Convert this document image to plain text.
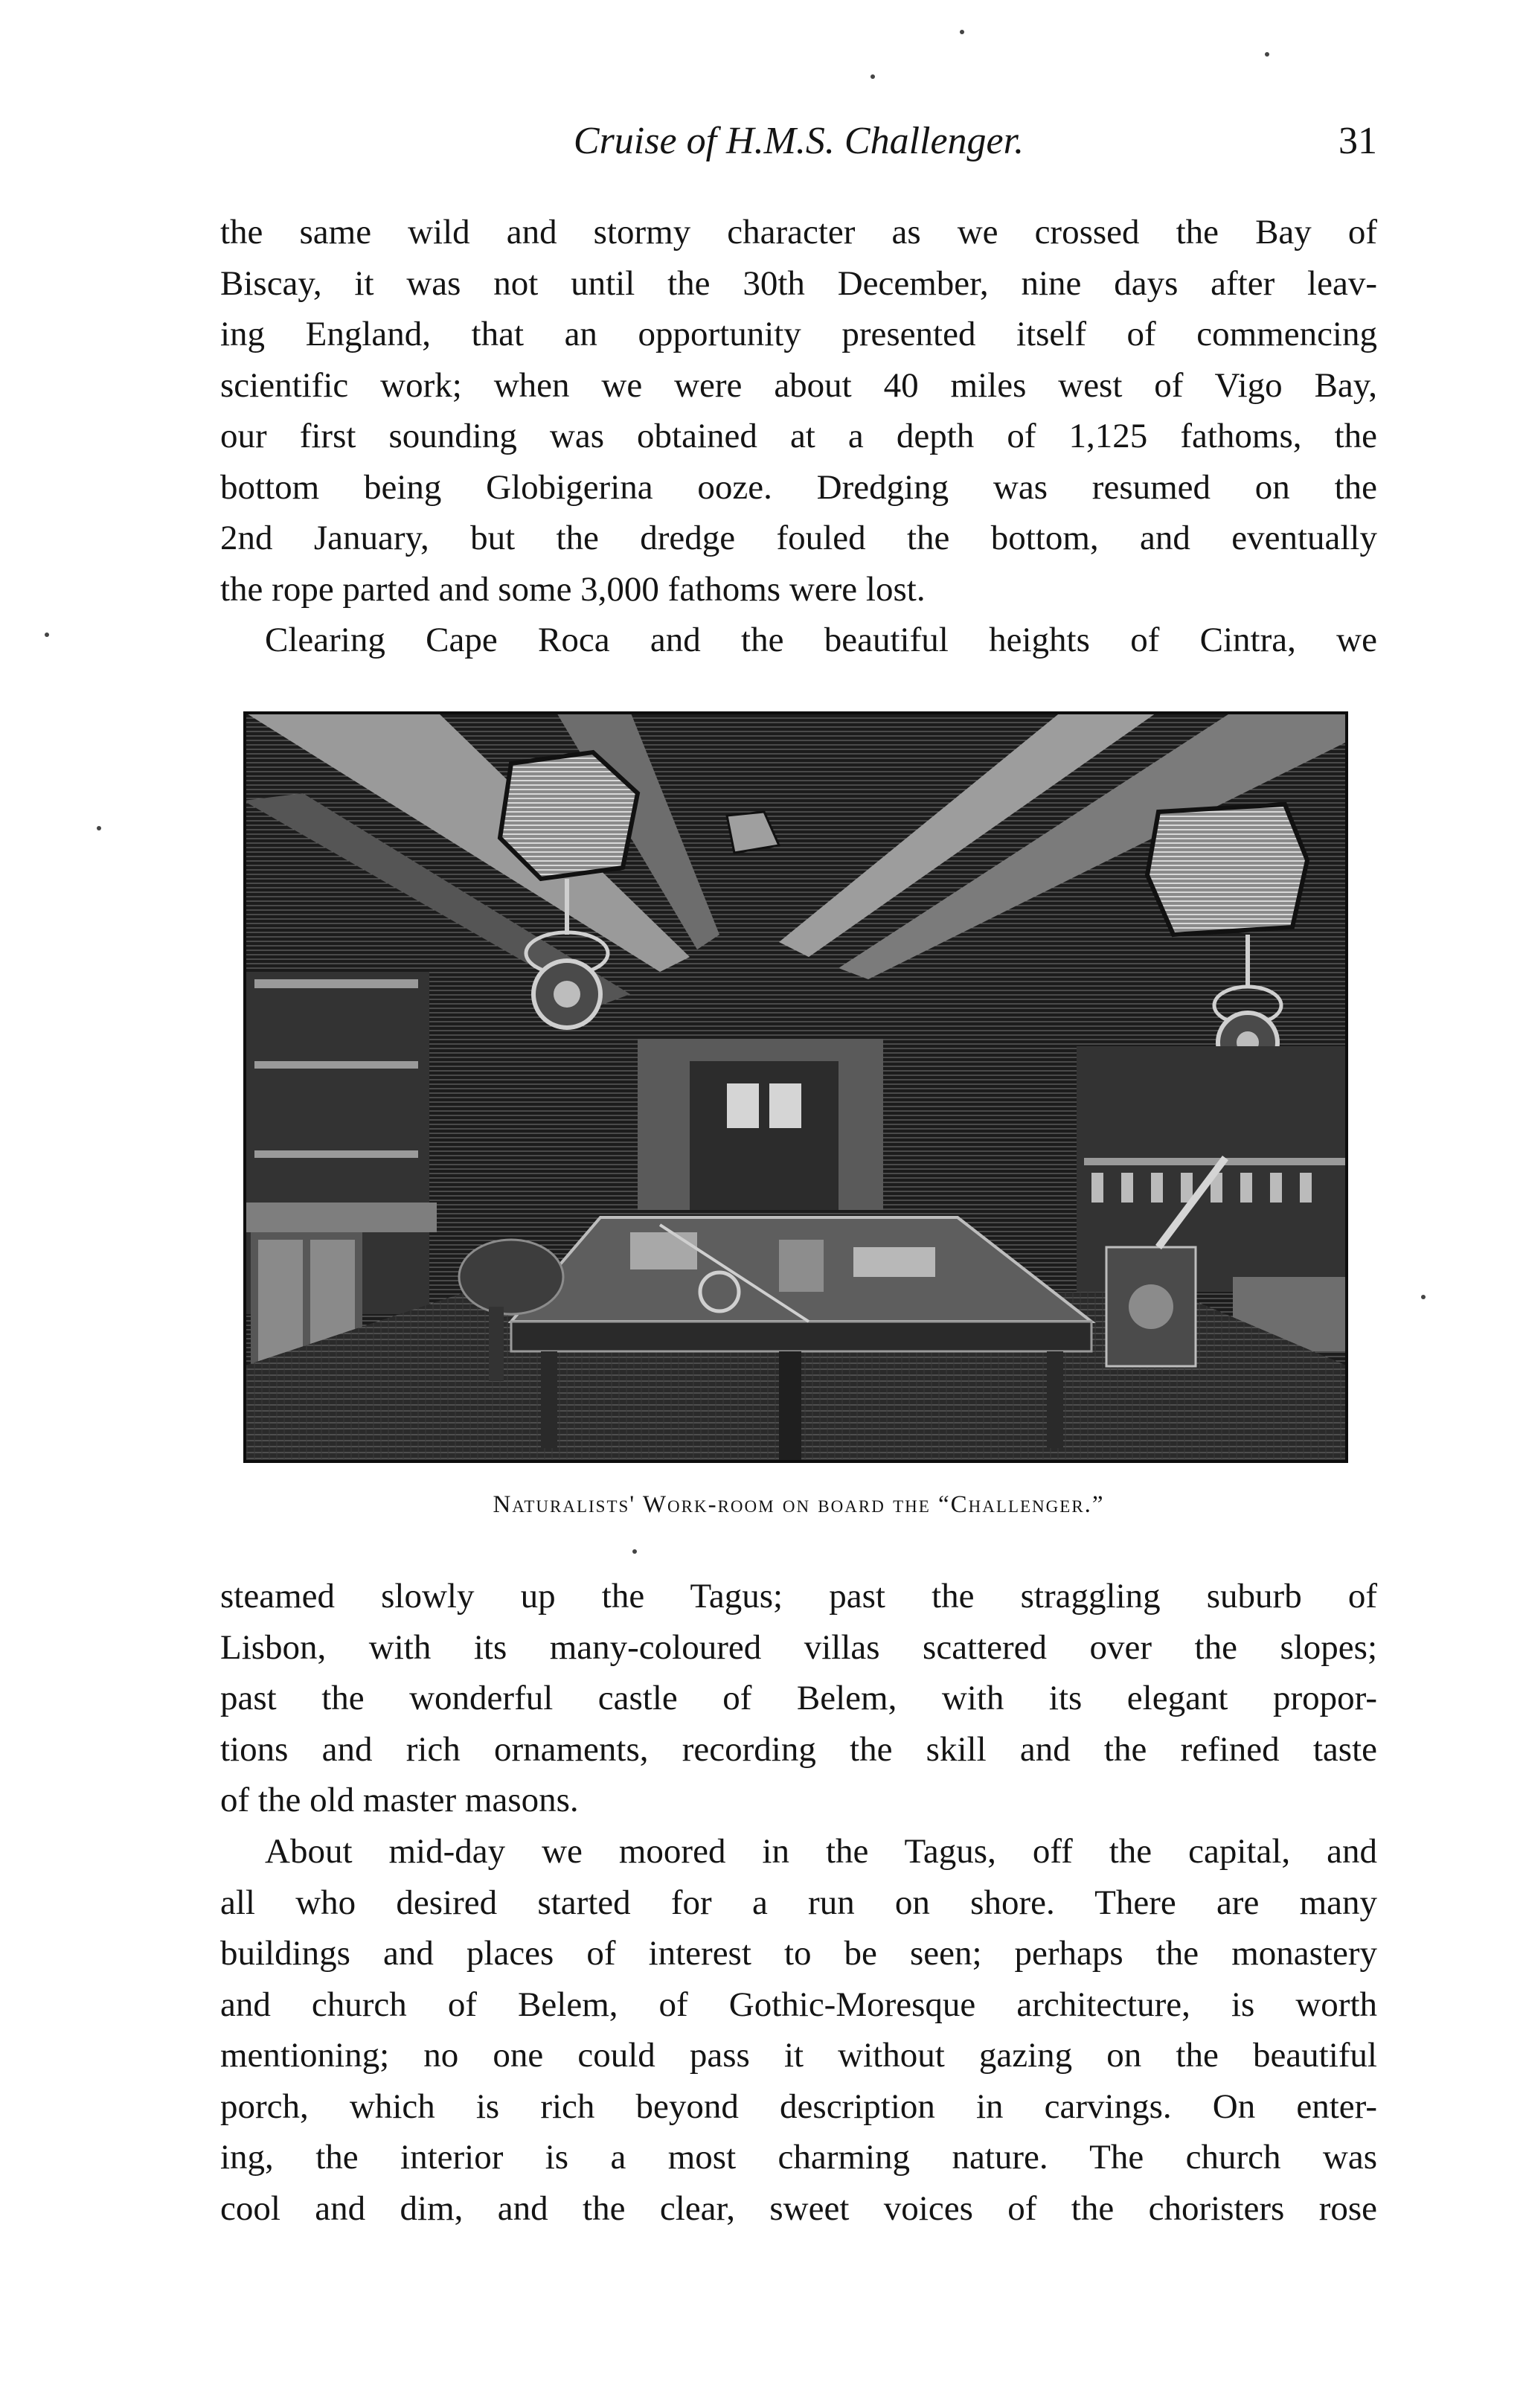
Cruise of H.M.S. Challenger.	31
the same wild and stormy character as we crossed the Bay of
Biscay, it was not until the 30th December, nine days after leav-
ing England, that an opportunity presented itself of commencing
scientific work; when we were about 40 miles west of Vigo Bay,
our first sounding was obtained at a depth of 1,125 fathoms, the
bottom being Globigerina ooze. Dredging was resumed on the
2nd January, but the dredge fouled the bottom, and eventually
the rope parted and some 3,000 fathoms were lost.
Clearing Cape Roca and the beautiful heights of Cintra, we
Naturalists' Work-room on board the “Challenger.”
steamed slowly up the Tagus; past the straggling suburb of
Lisbon, with its many-coloured villas scattered over the slopes;
past the wonderful castle of Belem, with its elegant propor-
tions and rich ornaments, recording the skill and the refined taste
of the old master masons.
About mid-day we moored in the Tagus, off the capital, and
all who desired started for a run on shore. There are many
buildings and places of interest to be seen; perhaps the monastery
and church of Belem, of Gothic-Moresque architecture, is worth
mentioning; no one could pass it without gazing on the beautiful
porch, which is rich beyond description in carvings. On enter-
ing, the interior is a most charming nature. The church was
cool and dim, and the clear, sweet voices of the choristers rose
